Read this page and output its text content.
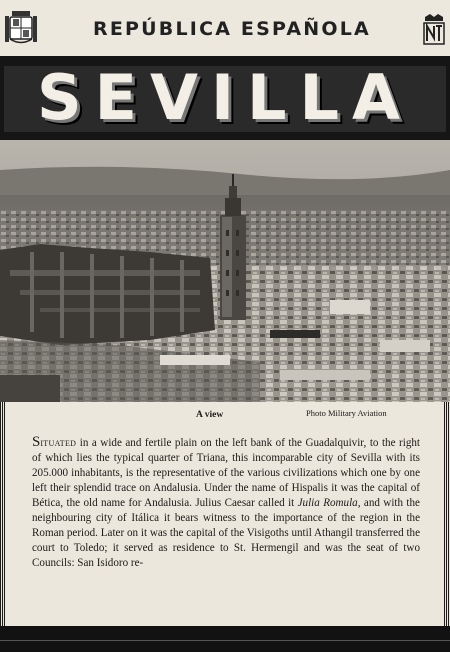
REPÚBLICA ESPAÑOLA
SEVILLA
A view	Photo Military Aviation

Situated in a wide and fertile plain on the left bank of the Guadalquivir, to the right of which lies the typical quarter of Triana, this incomparable city of Sevilla with its 205.000 inhabitants, is the representative of the various civilizations which one by one left their splendid trace on Andalusia. Under the name of Hispalis it was the capital of Bética, the old name for Andalusia. Julius Caesar called it Julia Romula, and with the neighbouring city of Itálica it bears witness to the importance of the region in the Roman period. Later on it was the capital of the Visigoths until Athangil transferred the court to Toledo; it served as residence to St. Hermengil and was the seat of two Councils: San Isidoro re-
